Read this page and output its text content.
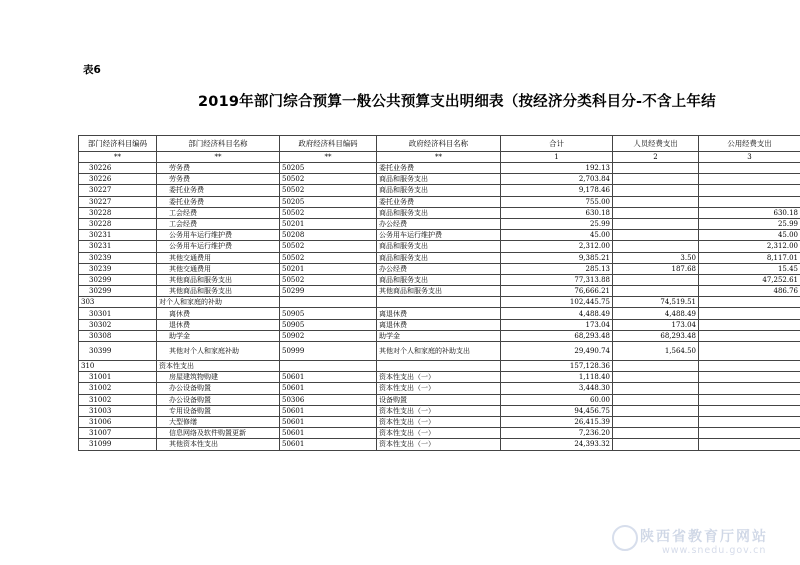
表6
2019年部门综合预算一般公共预算支出明细表（按经济分类科目分-不含上年结
部门经济科目编码	部门经济科目名称	政府经济科目编码	政府经济科目名称	合计	人员经费支出	公用经费支出
**	**	**	**	1	2	3
30226	劳务费	50205	委托业务费	192.13		
30226	劳务费	50502	商品和服务支出	2,703.84		
30227	委托业务费	50502	商品和服务支出	9,178.46		
30227	委托业务费	50205	委托业务费	755.00		
30228	工会经费	50502	商品和服务支出	630.18		630.18
30228	工会经费	50201	办公经费	25.99		25.99
30231	公务用车运行维护费	50208	公务用车运行维护费	45.00		45.00
30231	公务用车运行维护费	50502	商品和服务支出	2,312.00		2,312.00
30239	其他交通费用	50502	商品和服务支出	9,385.21	3.50	8,117.01
30239	其他交通费用	50201	办公经费	285.13	187.68	15.45
30299	其他商品和服务支出	50502	商品和服务支出	77,313.88		47,252.61
30299	其他商品和服务支出	50299	其他商品和服务支出	76,666.21		486.76
303	对个人和家庭的补助			102,445.75	74,519.51	
30301	离休费	50905	离退休费	4,488.49	4,488.49	
30302	退休费	50905	离退休费	173.04	173.04	
30308	助学金	50902	助学金	68,293.48	68,293.48	
30399	其他对个人和家庭补助	50999	其他对个人和家庭的补助支出	29,490.74	1,564.50	
310	资本性支出			157,128.36		
31001	房屋建筑物购建	50601	资本性支出（一）	1,118.40		
31002	办公设备购置	50601	资本性支出（一）	3,448.30		
31002	办公设备购置	50306	设备购置	60.00		
31003	专用设备购置	50601	资本性支出（一）	94,456.75		
31006	大型修缮	50601	资本性支出（一）	26,415.39		
31007	信息网络及软件购置更新	50601	资本性支出（一）	7,236.20		
31099	其他资本性支出	50601	资本性支出（一）	24,393.32		
陕西省教育厅网站
www.snedu.gov.cn
